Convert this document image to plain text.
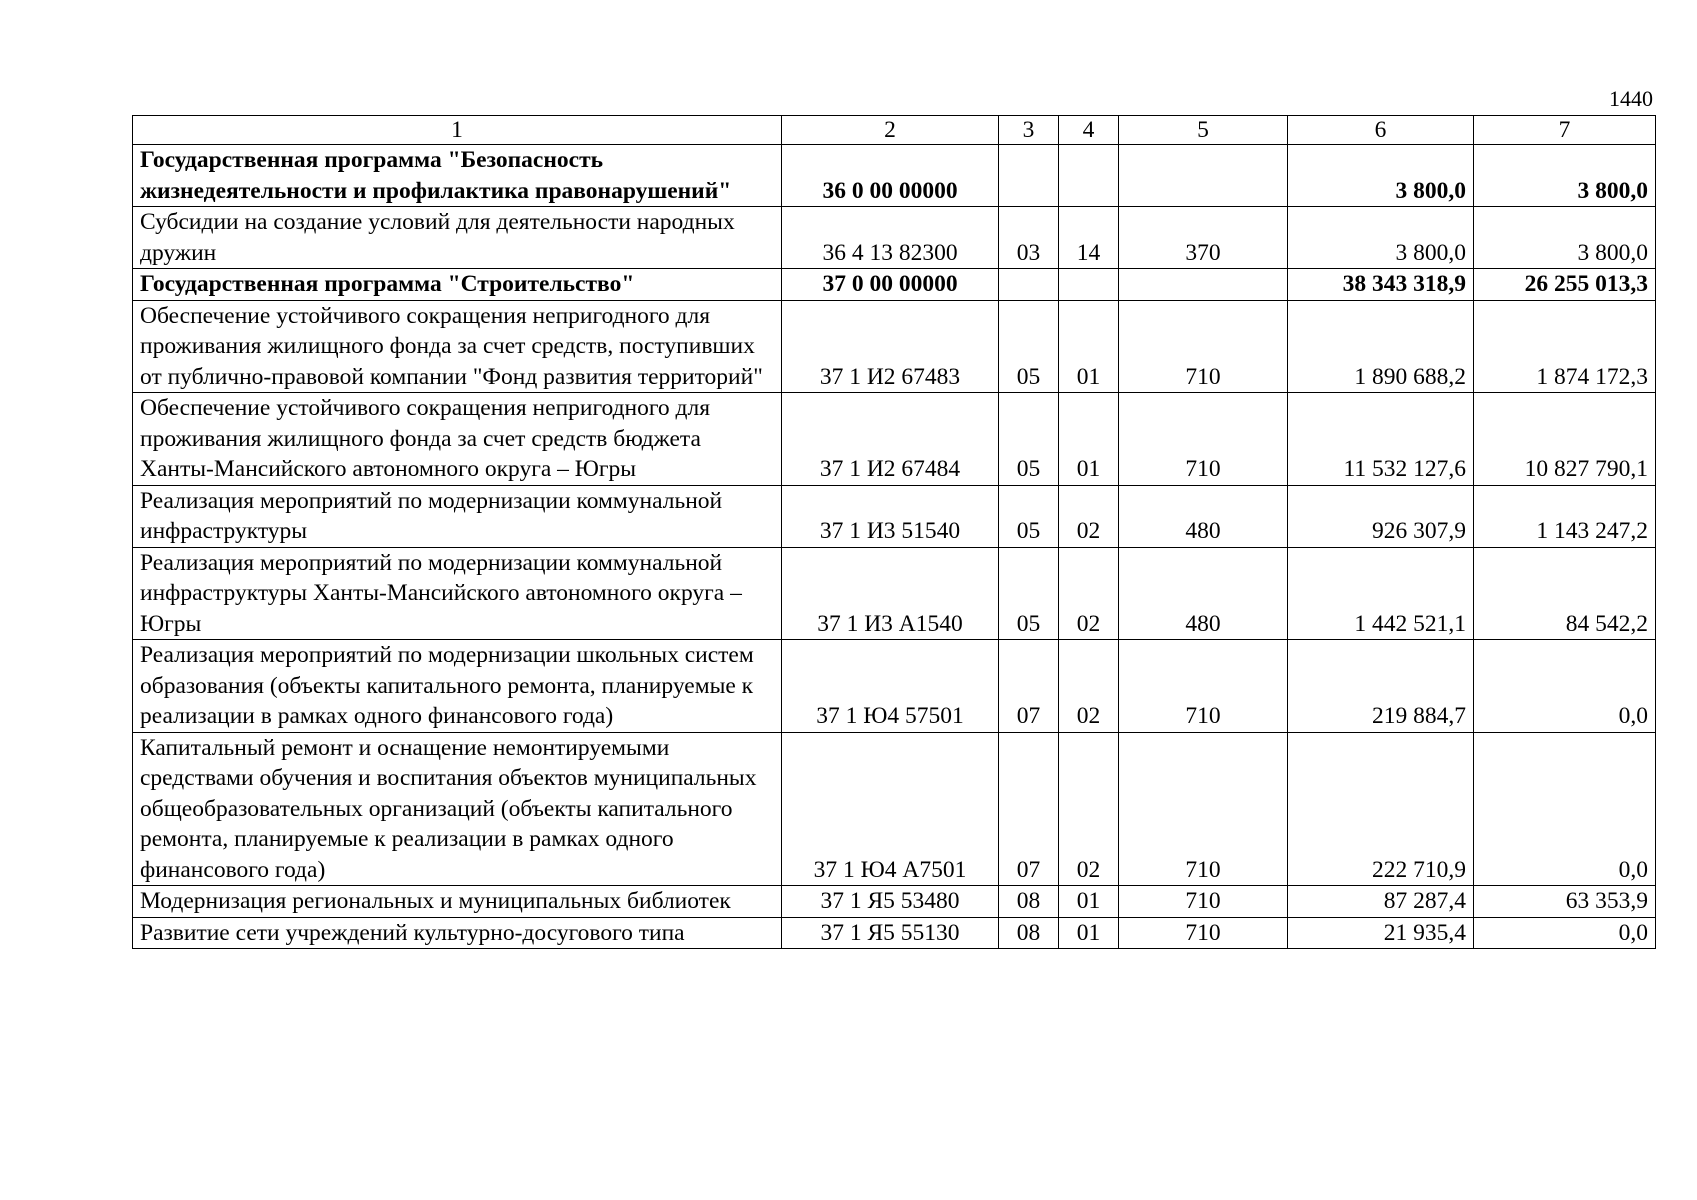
1440
1	2	3	4	5	6	7
Государственная программа "Безопасность жизнедеятельности и профилактика правонарушений"	36 0 00 00000				3 800,0	3 800,0
Субсидии на создание условий для деятельности народных дружин	36 4 13 82300	03	14	370	3 800,0	3 800,0
Государственная программа "Строительство"	37 0 00 00000				38 343 318,9	26 255 013,3
Обеспечение устойчивого сокращения непригодного для проживания жилищного фонда за счет средств, поступивших от публично-правовой компании "Фонд развития территорий"	37 1 И2 67483	05	01	710	1 890 688,2	1 874 172,3
Обеспечение устойчивого сокращения непригодного для проживания жилищного фонда за счет средств бюджета Ханты-Мансийского автономного округа – Югры	37 1 И2 67484	05	01	710	11 532 127,6	10 827 790,1
Реализация мероприятий по модернизации коммунальной инфраструктуры	37 1 И3 51540	05	02	480	926 307,9	1 143 247,2
Реализация мероприятий по модернизации коммунальной инфраструктуры Ханты-Мансийского автономного округа – Югры	37 1 И3 А1540	05	02	480	1 442 521,1	84 542,2
Реализация мероприятий по модернизации школьных систем образования (объекты капитального ремонта, планируемые к реализации в рамках одного финансового года)	37 1 Ю4 57501	07	02	710	219 884,7	0,0
Капитальный ремонт и оснащение немонтируемыми средствами обучения и воспитания объектов муниципальных общеобразовательных организаций (объекты капитального ремонта, планируемые к реализации в рамках одного финансового года)	37 1 Ю4 А7501	07	02	710	222 710,9	0,0
Модернизация региональных и муниципальных библиотек	37 1 Я5 53480	08	01	710	87 287,4	63 353,9
Развитие сети учреждений культурно-досугового типа	37 1 Я5 55130	08	01	710	21 935,4	0,0
